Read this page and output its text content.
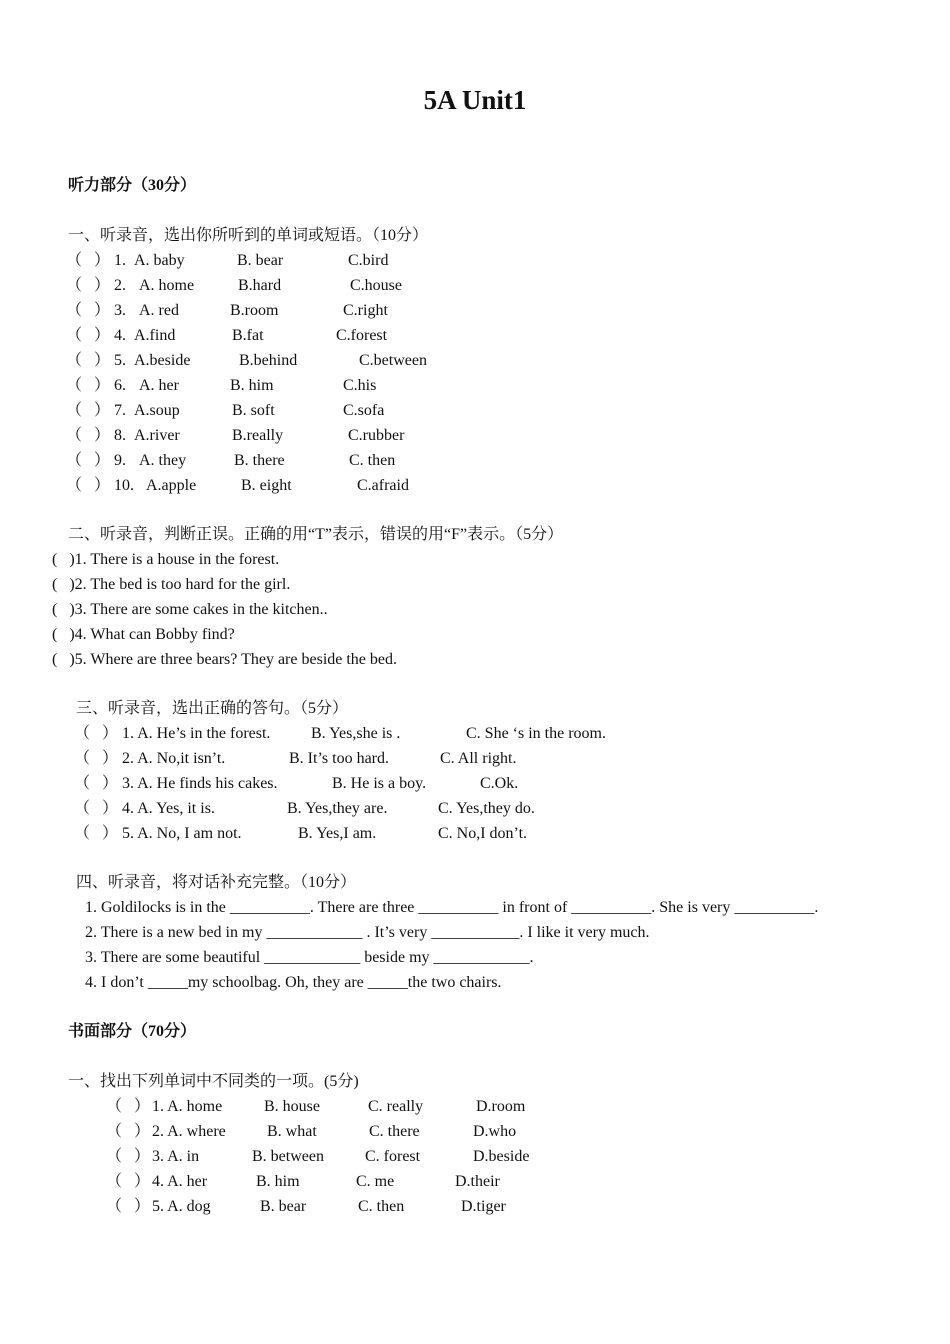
5A Unit1
听力部分（30分）
一、听录音，选出你所听到的单词或短语。（10分）
（   ） 1. A. baby	B. bear	C.bird
（   ） 2. A. home	B.hard	C.house
（   ） 3. A. red	B.room	C.right
（   ） 4. A.find	B.fat	C.forest
（   ） 5. A.beside	B.behind	C.between
（   ） 6. A. her	B. him	C.his
（   ） 7. A.soup	B. soft	C.sofa
（   ） 8. A.river	B.really	C.rubber
（   ） 9. A. they	B. there	C. then
（   ） 10. A.apple	B. eight	C.afraid
二、听录音，判断正误。正确的用“T”表示，错误的用“F”表示。（5分）
(   )1. There is a house in the forest.
(   )2. The bed is too hard for the girl.
(   )3. There are some cakes in the kitchen..
(   )4. What can Bobby find?
(   )5. Where are three bears? They are beside the bed.
三、听录音，选出正确的答句。（5分）
（   ） 1. A. He’s in the forest.	B. Yes,she is .	C. She ‘s in the room.
（   ） 2. A. No,it isn’t.	B. It’s too hard.	C. All right.
（   ） 3. A. He finds his cakes.	B. He is a boy.	C.Ok.
（   ） 4. A. Yes, it is.	B. Yes,they are.	C. Yes,they do.
（   ） 5. A. No, I am not.	B. Yes,I am.	C. No,I don’t.
四、听录音，将对话补充完整。（10分）
1. Goldilocks is in the __________. There are three __________ in front of __________. She is very __________.
2. There is a new bed in my ____________ . It’s very ___________. I like it very much.
3. There are some beautiful ____________ beside my ____________.
4. I don’t _____my schoolbag. Oh, they are _____the two chairs.
书面部分（70分）
一、找出下列单词中不同类的一项。(5分)
（   ） 1. A. home	B. house	C. really	D.room
（   ） 2. A. where	B. what	C. there	D.who
（   ） 3. A. in	B. between	C. forest	D.beside
（   ） 4. A. her	B. him	C. me	D.their
（   ） 5. A. dog	B. bear	C. then	D.tiger
